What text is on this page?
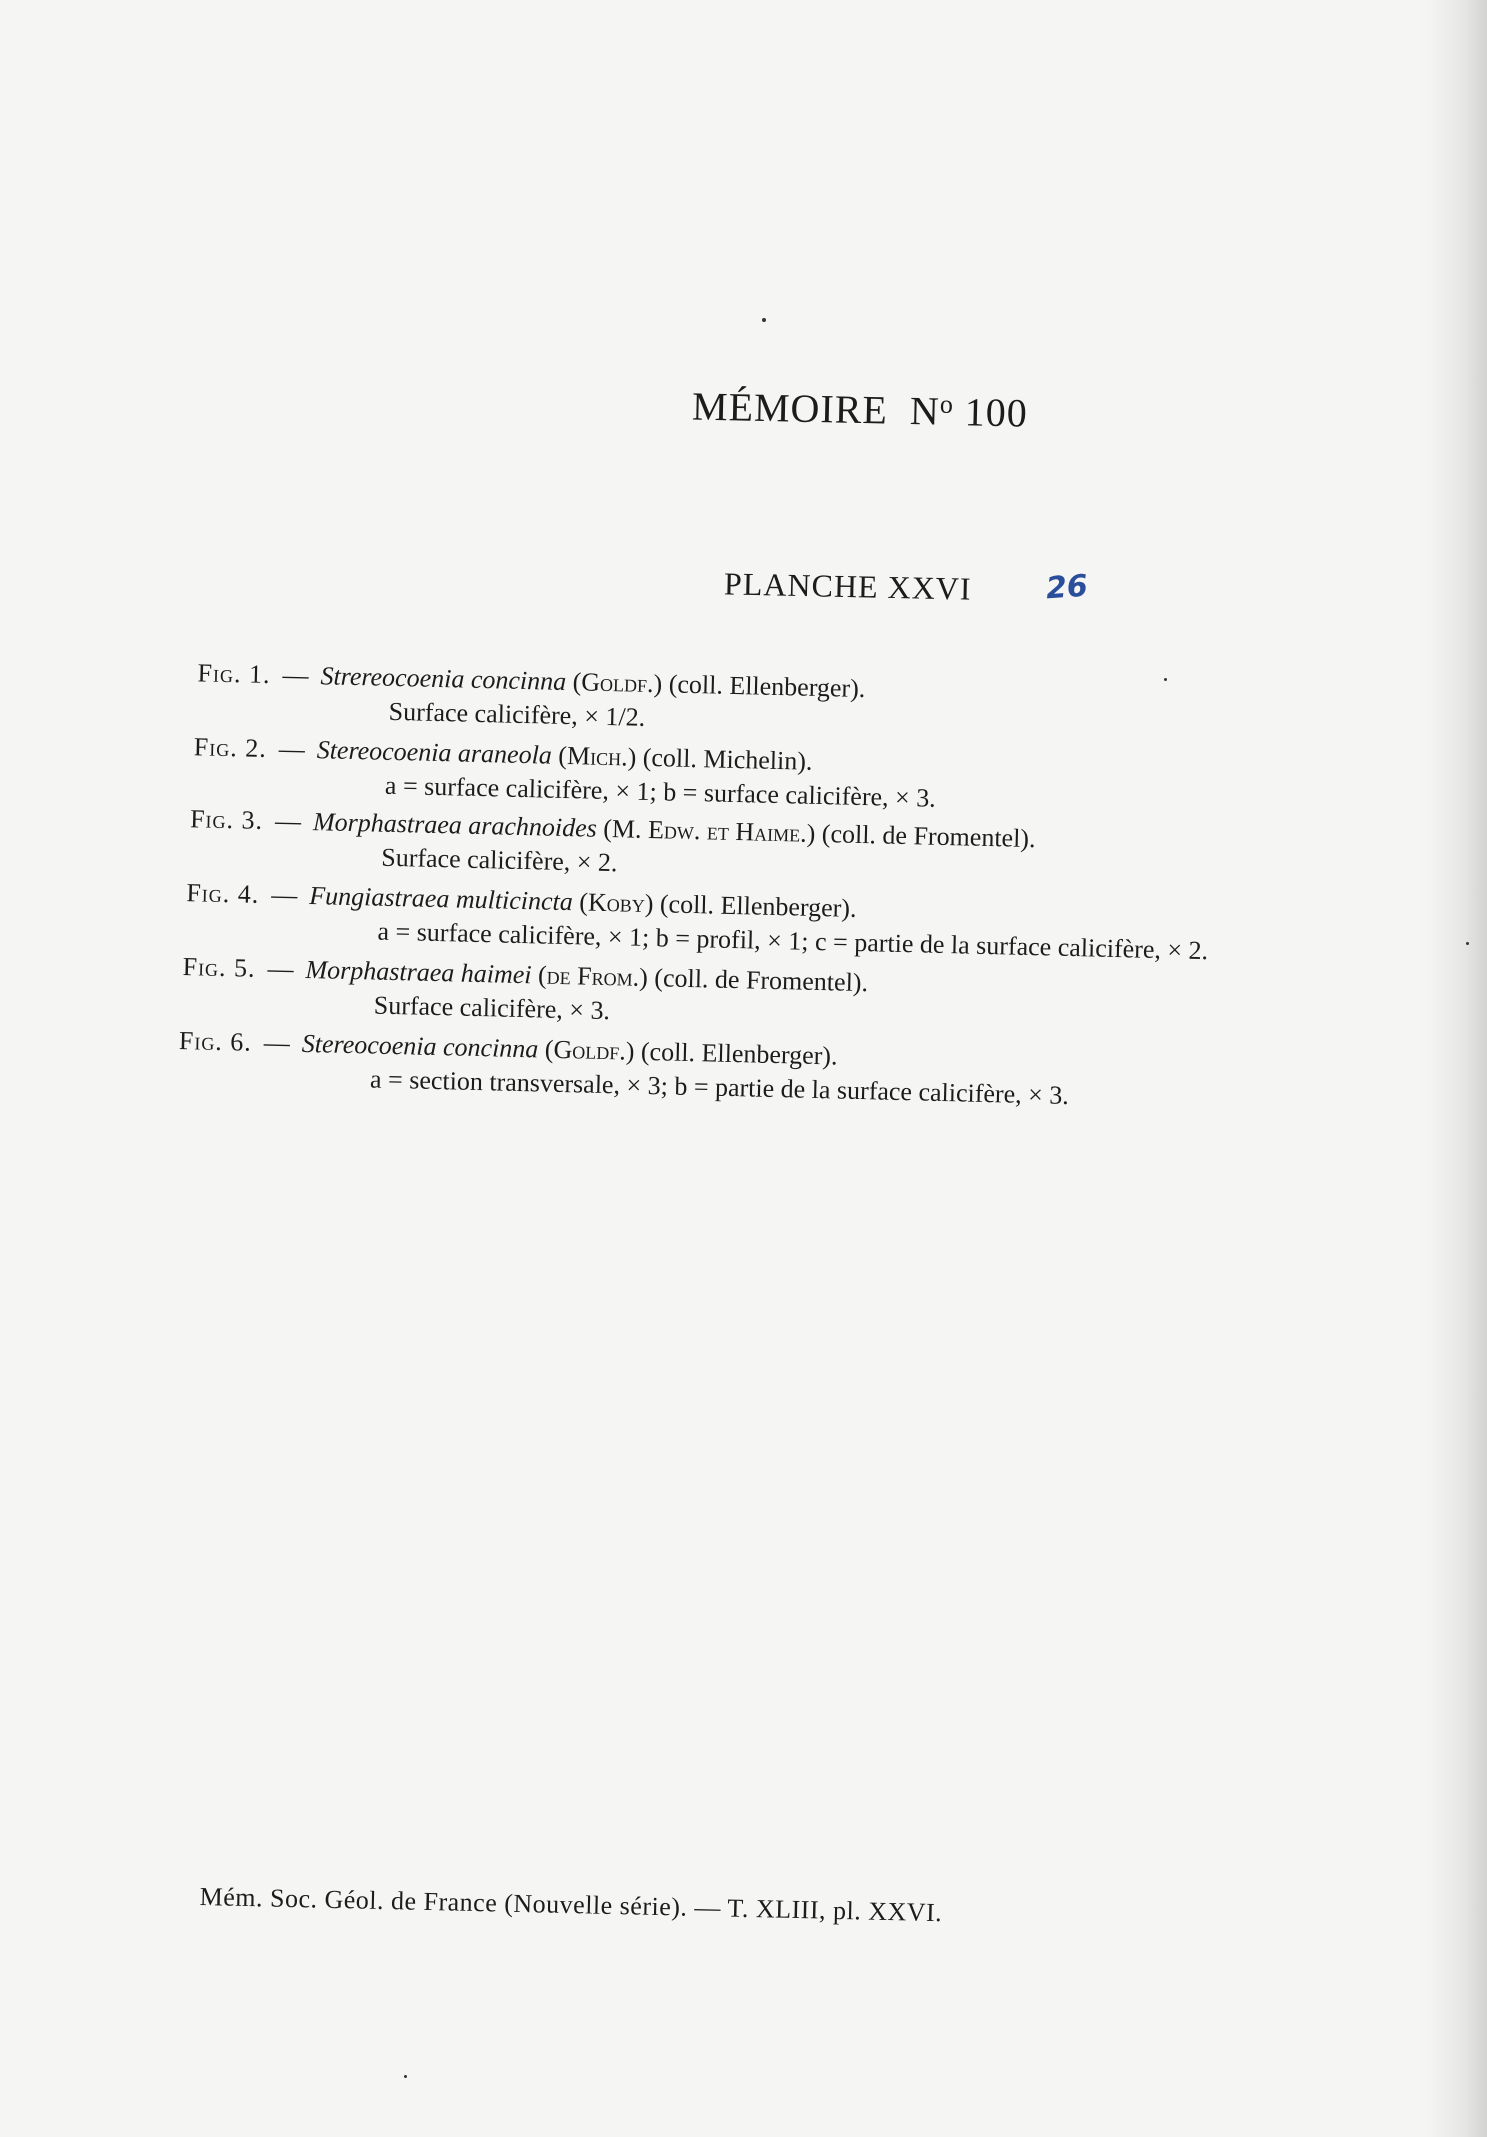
MÉMOIRE $N^o$ 100
PLANCHE XXVI 26
Fig. 1. — Strereocoenia concinna (Goldf.) (coll. Ellenberger).
Surface calicifère, × 1/2.
Fig. 2. — Stereocoenia araneola (Mich.) (coll. Michelin).
a = surface calicifère, × 1; b = surface calicifère, × 3.
Fig. 3. — Morphastraea arachnoides (M. Edw. et Haime.) (coll. de Fromentel).
Surface calicifère, × 2.
Fig. 4. — Fungiastraea multicincta (Koby) (coll. Ellenberger).
a = surface calicifère, × 1; b = profil, × 1; c = partie de la surface calicifère, × 2.
Fig. 5. — Morphastraea haimei (de From.) (coll. de Fromentel).
Surface calicifère, × 3.
Fig. 6. — Stereocoenia concinna (Goldf.) (coll. Ellenberger).
a = section transversale, × 3; b = partie de la surface calicifère, × 3.
Mém. Soc. Géol. de France (Nouvelle série). — T. XLIII, pl. XXVI.
